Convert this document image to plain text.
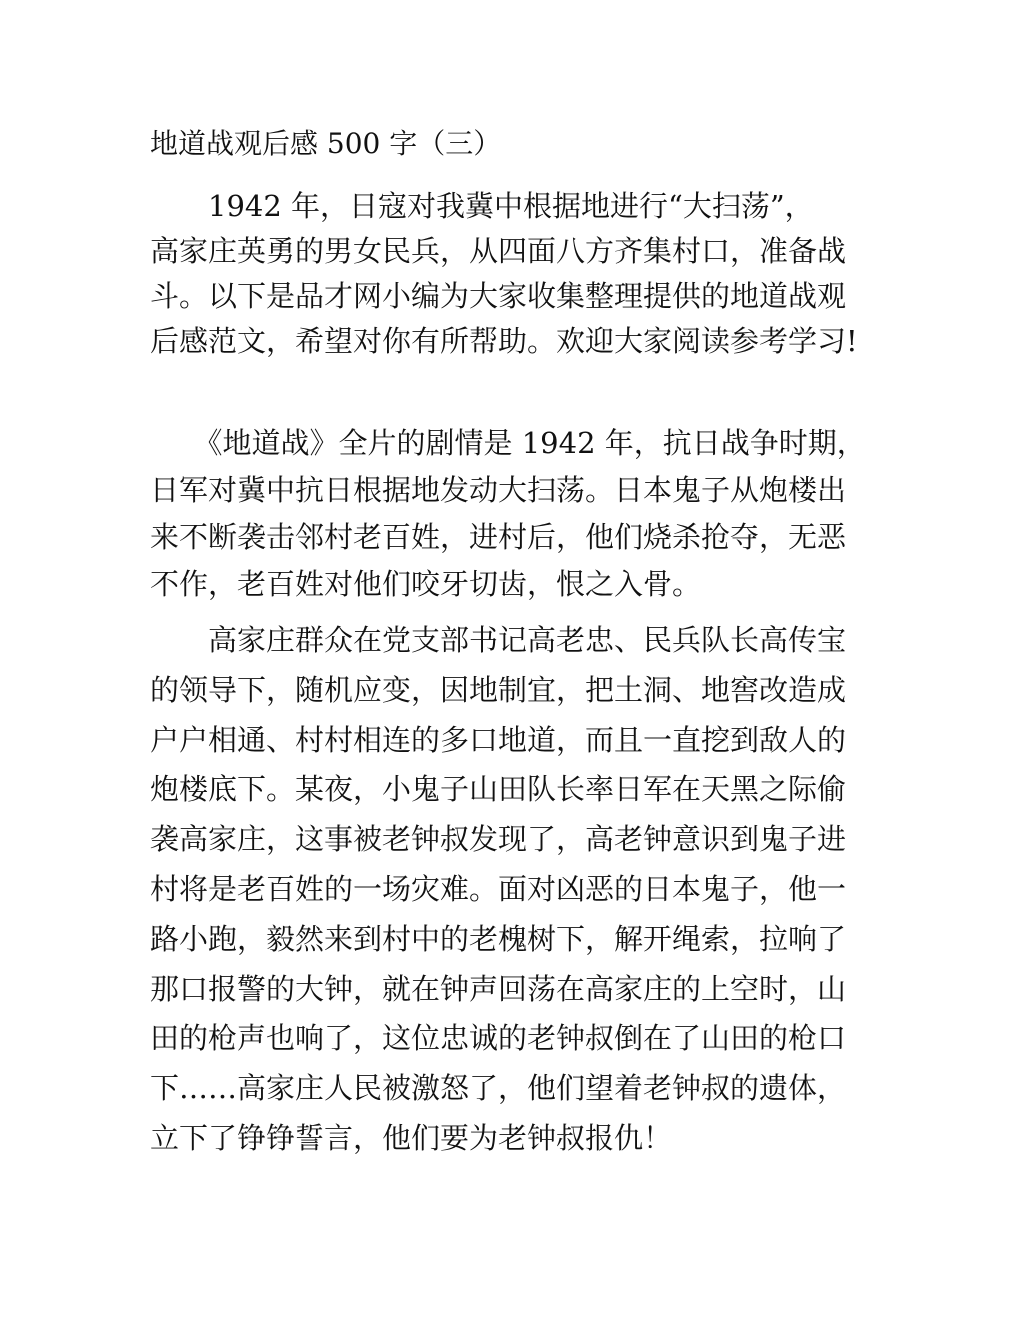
地道战观后感 500 字（三）
　　1942 年，日寇对我冀中根据地进行“大扫荡”，
高家庄英勇的男女民兵，从四面八方齐集村口，准备战
斗。以下是品才网小编为大家收集整理提供的地道战观
后感范文，希望对你有所帮助。欢迎大家阅读参考学习!
　　《地道战》全片的剧情是 1942 年，抗日战争时期，
日军对冀中抗日根据地发动大扫荡。日本鬼子从炮楼出
来不断袭击邻村老百姓，进村后，他们烧杀抢夺，无恶
不作，老百姓对他们咬牙切齿，恨之入骨。
　　高家庄群众在党支部书记高老忠、民兵队长高传宝
的领导下，随机应变，因地制宜，把土洞、地窖改造成
户户相通、村村相连的多口地道，而且一直挖到敌人的
炮楼底下。某夜，小鬼子山田队长率日军在天黑之际偷
袭高家庄，这事被老钟叔发现了，高老钟意识到鬼子进
村将是老百姓的一场灾难。面对凶恶的日本鬼子，他一
路小跑，毅然来到村中的老槐树下，解开绳索，拉响了
那口报警的大钟，就在钟声回荡在高家庄的上空时，山
田的枪声也响了，这位忠诚的老钟叔倒在了山田的枪口
下……高家庄人民被激怒了，他们望着老钟叔的遗体，
立下了铮铮誓言，他们要为老钟叔报仇！
